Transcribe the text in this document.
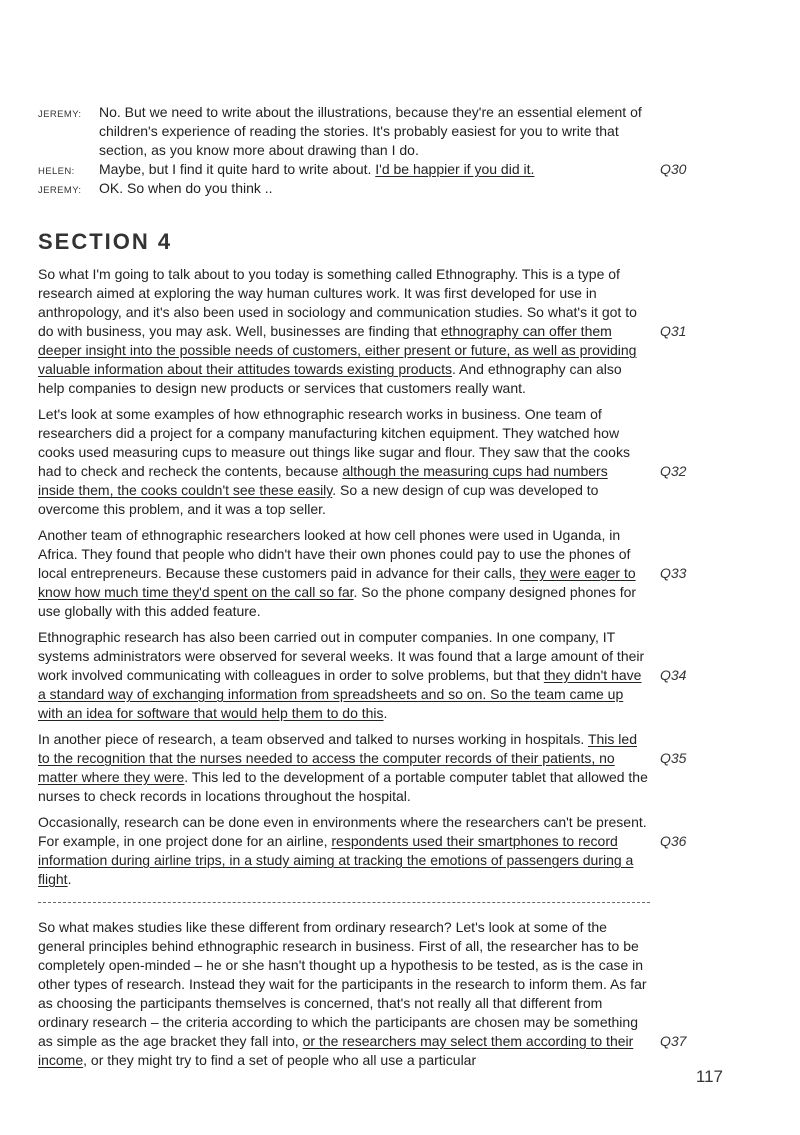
JEREMY: No. But we need to write about the illustrations, because they're an essential element of children's experience of reading the stories. It's probably easiest for you to write that section, as you know more about drawing than I do.
HELEN: Maybe, but I find it quite hard to write about. I'd be happier if you did it.	Q30
JEREMY: OK. So when do you think ..
SECTION 4

So what I'm going to talk about to you today is something called Ethnography. This is a type of research aimed at exploring the way human cultures work. It was first developed for use in anthropology, and it's also been used in sociology and communication studies. So what's it got to do with business, you may ask. Well, businesses are finding that ethnography can offer them deeper insight into the possible needs of customers, either present or future, as well as providing valuable information about their attitudes towards existing products. And ethnography can also help companies to design new products or services that customers really want.
Q31

Let's look at some examples of how ethnographic research works in business. One team of researchers did a project for a company manufacturing kitchen equipment. They watched how cooks used measuring cups to measure out things like sugar and flour. They saw that the cooks had to check and recheck the contents, because although the measuring cups had numbers inside them, the cooks couldn't see these easily. So a new design of cup was developed to overcome this problem, and it was a top seller.
Q32

Another team of ethnographic researchers looked at how cell phones were used in Uganda, in Africa. They found that people who didn't have their own phones could pay to use the phones of local entrepreneurs. Because these customers paid in advance for their calls, they were eager to know how much time they'd spent on the call so far. So the phone company designed phones for use globally with this added feature.
Q33

Ethnographic research has also been carried out in computer companies. In one company, IT systems administrators were observed for several weeks. It was found that a large amount of their work involved communicating with colleagues in order to solve problems, but that they didn't have a standard way of exchanging information from spreadsheets and so on. So the team came up with an idea for software that would help them to do this.
Q34

In another piece of research, a team observed and talked to nurses working in hospitals. This led to the recognition that the nurses needed to access the computer records of their patients, no matter where they were. This led to the development of a portable computer tablet that allowed the nurses to check records in locations throughout the hospital.
Q35

Occasionally, research can be done even in environments where the researchers can't be present. For example, in one project done for an airline, respondents used their smartphones to record information during airline trips, in a study aiming at tracking the emotions of passengers during a flight.
Q36

So what makes studies like these different from ordinary research? Let's look at some of the general principles behind ethnographic research in business. First of all, the researcher has to be completely open-minded – he or she hasn't thought up a hypothesis to be tested, as is the case in other types of research. Instead they wait for the participants in the research to inform them. As far as choosing the participants themselves is concerned, that's not really all that different from ordinary research – the criteria according to which the participants are chosen may be something as simple as the age bracket they fall into, or the researchers may select them according to their income, or they might try to find a set of people who all use a particular
Q37

117
